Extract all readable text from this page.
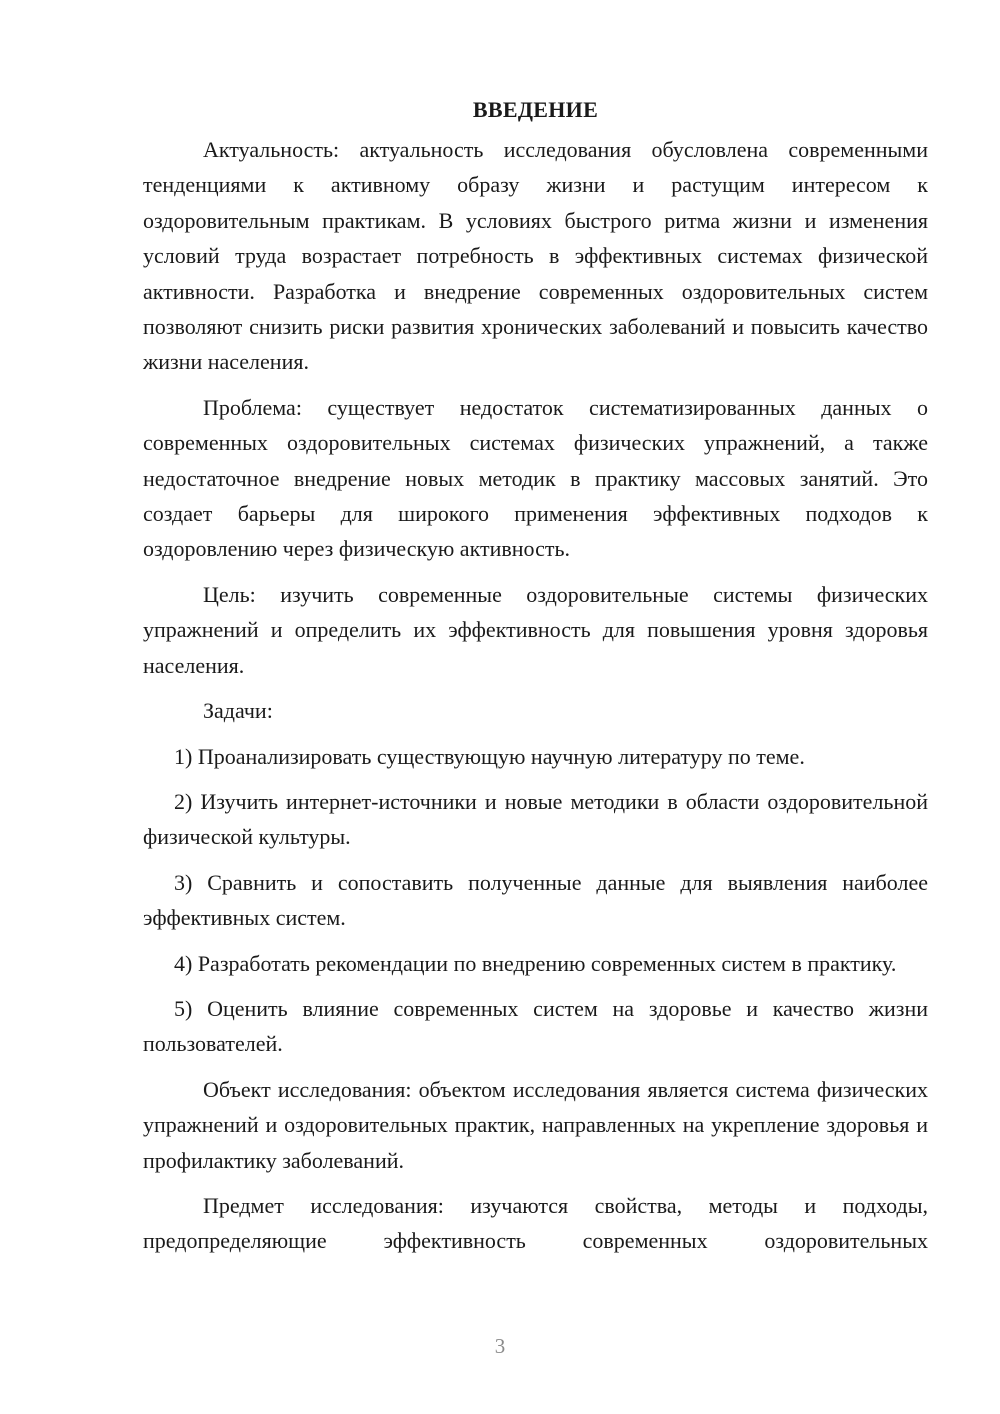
ВВЕДЕНИЕ

Актуальность: актуальность исследования обусловлена современными тенденциями к активному образу жизни и растущим интересом к оздоровительным практикам. В условиях быстрого ритма жизни и изменения условий труда возрастает потребность в эффективных системах физической активности. Разработка и внедрение современных оздоровительных систем позволяют снизить риски развития хронических заболеваний и повысить качество жизни населения.

Проблема: существует недостаток систематизированных данных о современных оздоровительных системах физических упражнений, а также недостаточное внедрение новых методик в практику массовых занятий. Это создает барьеры для широкого применения эффективных подходов к оздоровлению через физическую активность.

Цель: изучить современные оздоровительные системы физических упражнений и определить их эффективность для повышения уровня здоровья населения.

Задачи:

1) Проанализировать существующую научную литературу по теме.

2) Изучить интернет-источники и новые методики в области оздоровительной физической культуры.

3) Сравнить и сопоставить полученные данные для выявления наиболее эффективных систем.

4) Разработать рекомендации по внедрению современных систем в практику.

5) Оценить влияние современных систем на здоровье и качество жизни пользователей.

Объект исследования: объектом исследования является система физических упражнений и оздоровительных практик, направленных на укрепление здоровья и профилактику заболеваний.

Предмет исследования: изучаются свойства, методы и подходы, предопределяющие эффективность современных оздоровительных

3
